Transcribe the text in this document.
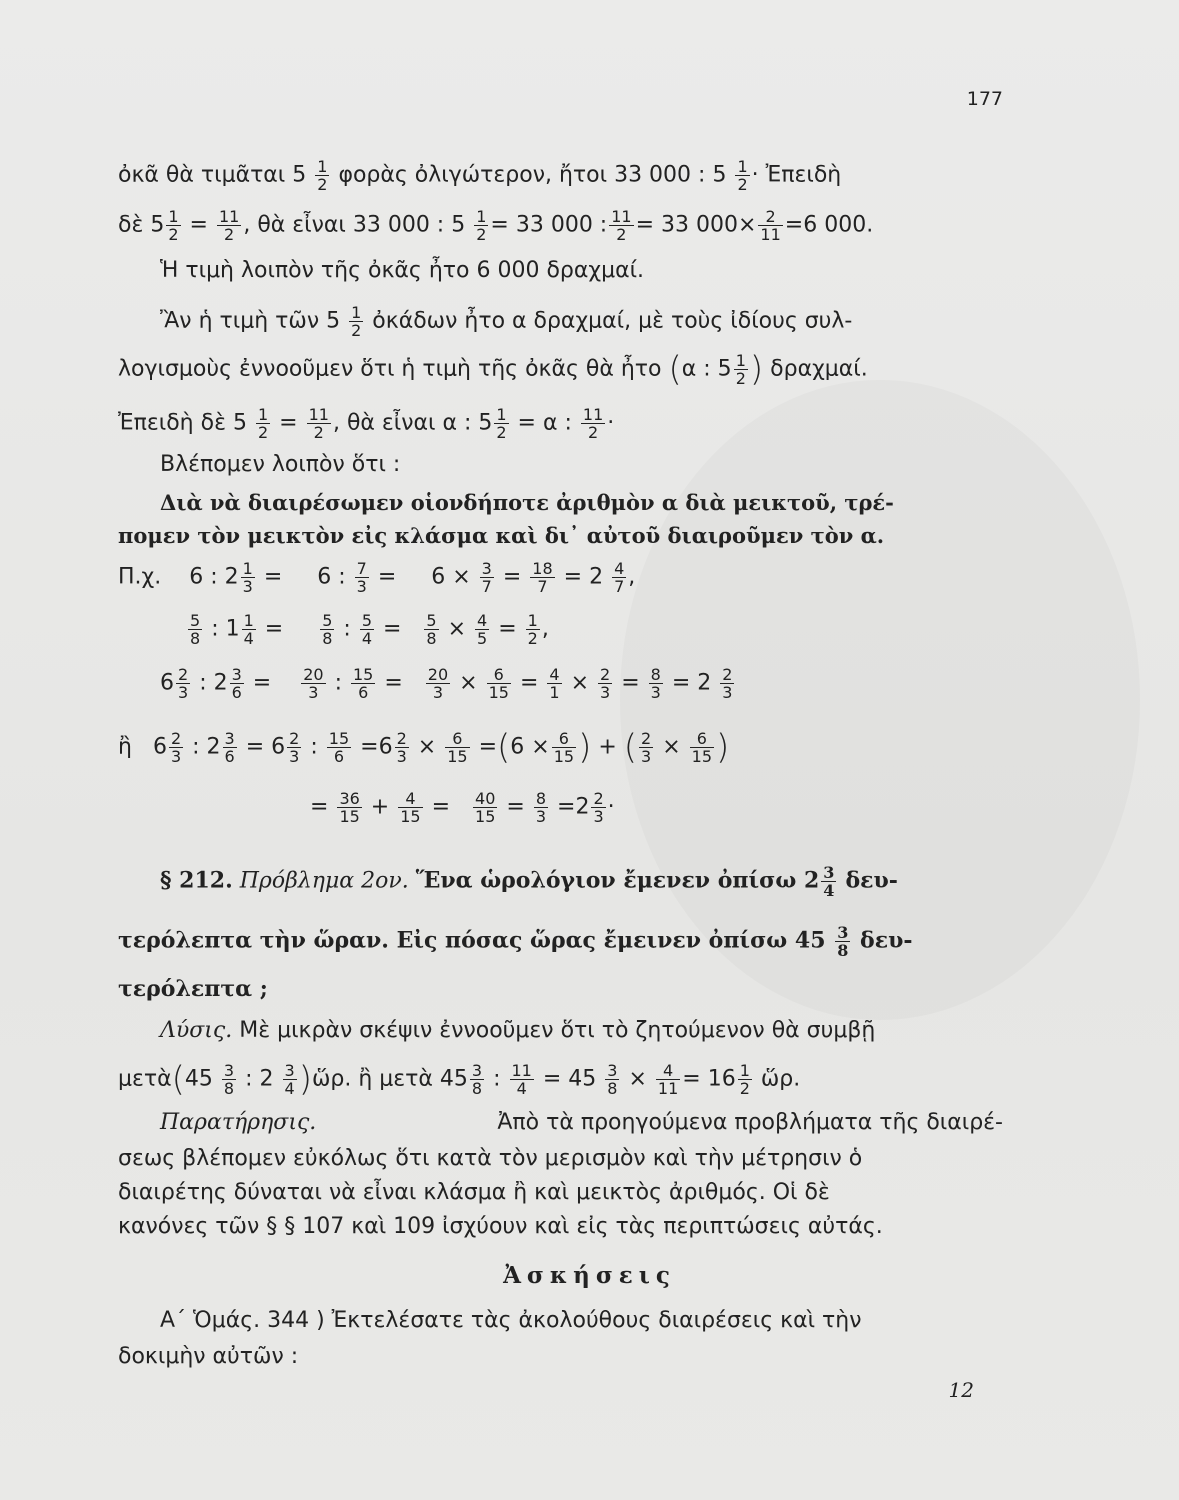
177
ὀκᾶ θὰ τιμᾶται $5 \frac{1}{2}$ φορὰς ὀλιγώτερον, ἤτοι 33 000 : $5 \frac{1}{2}$ · Ἐπειδὴ
δὲ $5 \frac{1}{2} = \frac{11}{2}$ , θὰ εἶναι 33 000 : $5 \frac{1}{2} = 33$ 000 : $\frac{11}{2} = 33$ $000\times \frac{2}{11} =6$ 000.
Ἡ τιμὴ λοιπὸν τῆς ὀκᾶς ἦτο 6 000 δραχμαί.
Ἂν ἡ τιμὴ τῶν $5 \frac{1}{2}$ ὀκάδων ἦτο α δραχμαί, μὲ τοὺς ἰδίους συλ-
λογισμοὺς ἐννοοῦμεν ὅτι ἡ τιμὴ τῆς ὀκᾶς θὰ ἦτο (α : $5 \frac{1}{2}$ ) δραχμαί.
Ἐπειδὴ δὲ $5 \frac{1}{2} = \frac{11}{2}$ , θὰ εἶναι α : $5 \frac{1}{2} = \alpha$ : $\frac{11}{2}$ ·
Βλέπομεν λοιπὸν ὅτι :
Διὰ νὰ διαιρέσωμεν οἱονδήποτε ἀριθμὸν α διὰ μεικτοῦ, τρέ-
πομεν τὸν μεικτὸν εἰς κλάσμα καὶ δι᾽ αὐτοῦ διαιροῦμεν τὸν α.
Π.χ. 6 : $2 \frac{1}{3} = 6$ : $\frac{7}{3} = 6 \times \frac{3}{7} = \frac{18}{7} = 2 \frac{4}{7}$ ,
$\frac{5}{8}$ : $1 \frac{1}{4} = \frac{5}{8}$ : $\frac{5}{4} = \frac{5}{8} \times \frac{4}{5} = \frac{1}{2}$ ,
$6 \frac{2}{3}$ : $2 \frac{3}{6} = \frac{20}{3}$ : $\frac{15}{6} = \frac{20}{3} \times \frac{6}{15} = \frac{4}{1} \times \frac{2}{3} = \frac{8}{3} = 2 \frac{2}{3}$
ἢ $6 \frac{2}{3}$ : $2 \frac{3}{6} = 6 \frac{2}{3}$ : $\frac{15}{6} =6 \frac{2}{3} \times \frac{6}{15} =(6 \times \frac{6}{15}$ ) + ( $\frac{2}{3} \times \frac{6}{15}$ )
= $\frac{36}{15} + \frac{4}{15} = \frac{40}{15} = \frac{8}{3} =2 \frac{2}{3}$ ·
§ 212. Πρόβλημα 2ον. Ἕνα ὡρολόγιον ἔμενεν ὀπίσω $2 \frac{3}{4} \delta\varepsilon\upsilon-$
τερόλεπτα τὴν ὥραν. Εἰς πόσας ὥρας ἔμεινεν ὀπίσω $45 \frac{3}{8} \delta\varepsilon\upsilon-$
τερόλεπτα ;
Λύσις. Μὲ μικρὰν σκέψιν ἐννοοῦμεν ὅτι τὸ ζητούμενον θὰ συμβῇ
μετὰ(45 $\frac{3}{8}$ : $2 \frac{3}{4}$ )ὥρ. ἢ μετὰ $45 \frac{3}{8}$ : $\frac{11}{4} = 45 \frac{3}{8} \times \frac{4}{11} = 16 \frac{1}{2}$ ὥρ.
Παρατήρησις.	Ἀπὸ τὰ προηγούμενα προβλήματα τῆς διαιρέ-
σεως βλέπομεν εὐκόλως ὅτι κατὰ τὸν μερισμὸν καὶ τὴν μέτρησιν ὁ
διαιρέτης δύναται νὰ εἶναι κλάσμα ἢ καὶ μεικτὸς ἀριθμός. Οἱ δὲ
κανόνες τῶν § § 107 καὶ 109 ἰσχύουν καὶ εἰς τὰς περιπτώσεις αὐτάς.
Ἀσκήσεις
Α΄ Ὁμάς. 344 ) Ἐκτελέσατε τὰς ἀκολούθους διαιρέσεις καὶ τὴν
δοκιμὴν αὐτῶν :
12
